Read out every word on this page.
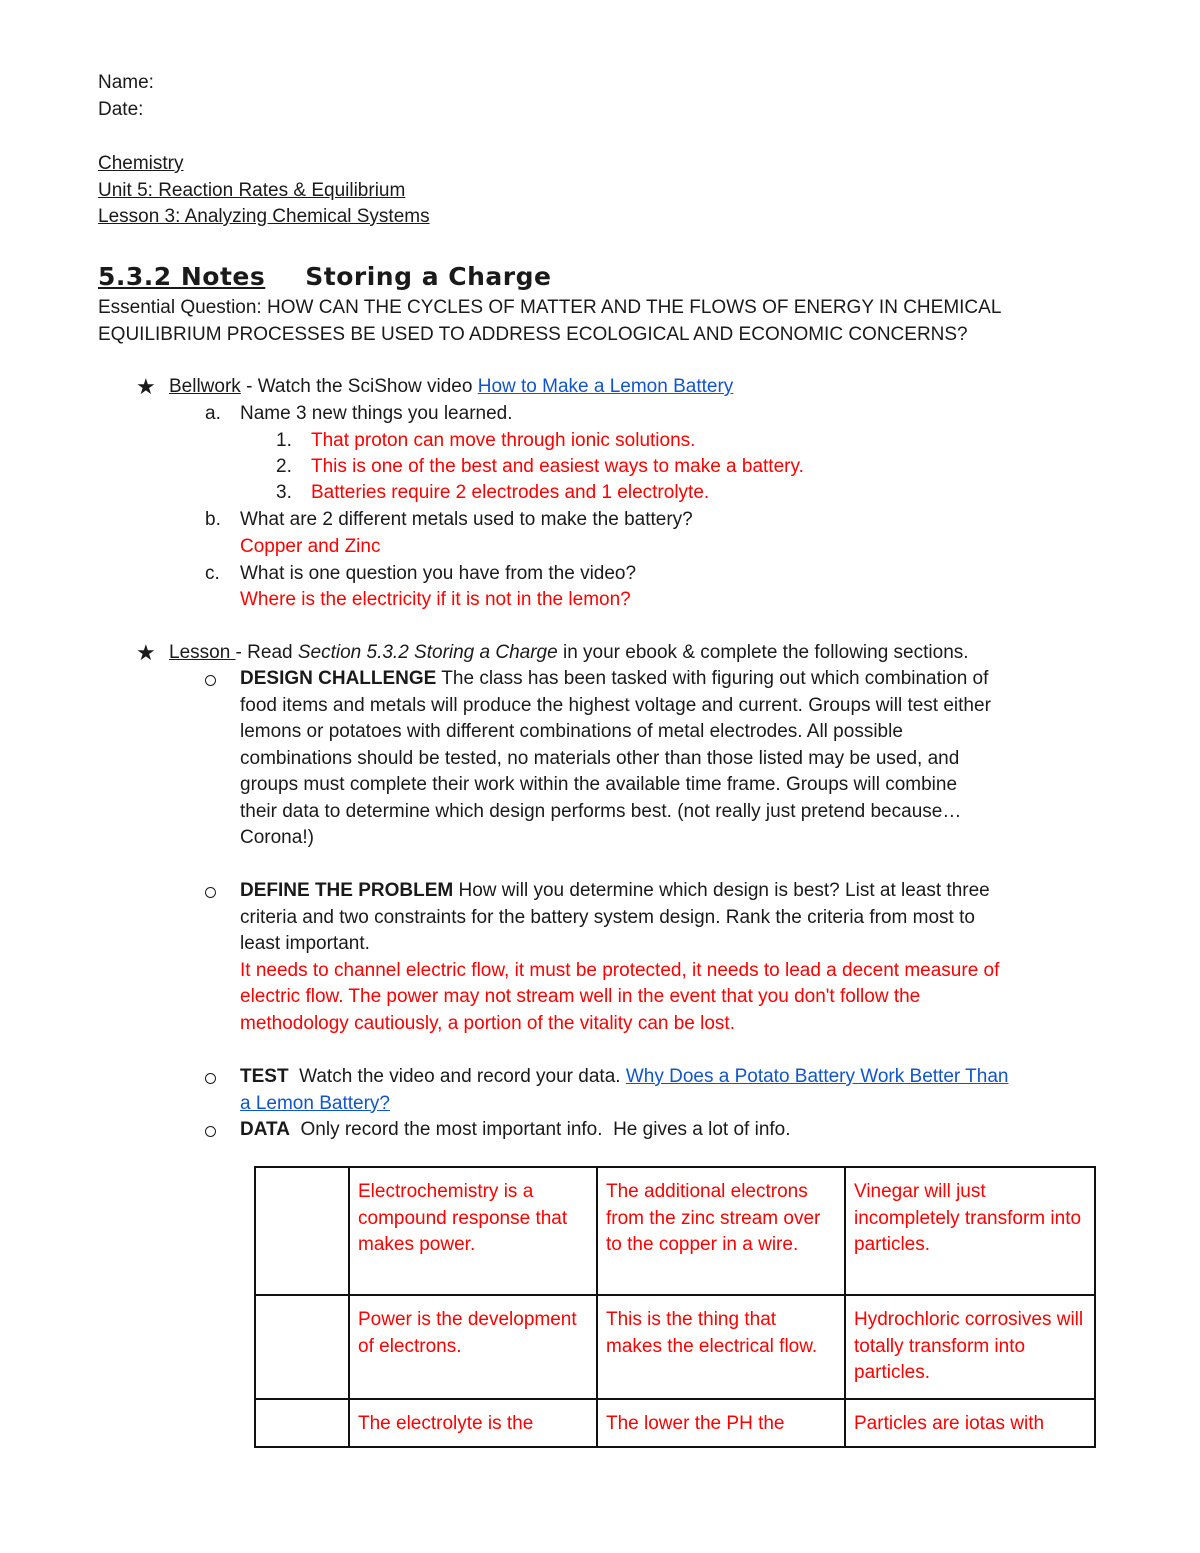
Name:
Date:
Chemistry
Unit 5: Reaction Rates & Equilibrium
Lesson 3: Analyzing Chemical Systems
5.3.2 Notes Storing a Charge
Essential Question: HOW CAN THE CYCLES OF MATTER AND THE FLOWS OF ENERGY IN CHEMICAL
EQUILIBRIUM PROCESSES BE USED TO ADDRESS ECOLOGICAL AND ECONOMIC CONCERNS?
★ Bellwork - Watch the SciShow video How to Make a Lemon Battery
a. Name 3 new things you learned.
1. That proton can move through ionic solutions.
2. This is one of the best and easiest ways to make a battery.
3. Batteries require 2 electrodes and 1 electrolyte.
b. What are 2 different metals used to make the battery?
Copper and Zinc
c. What is one question you have from the video?
Where is the electricity if it is not in the lemon?
★ Lesson - Read Section 5.3.2 Storing a Charge in your ebook & complete the following sections.
DESIGN CHALLENGE The class has been tasked with figuring out which combination of
food items and metals will produce the highest voltage and current. Groups will test either
lemons or potatoes with different combinations of metal electrodes. All possible
combinations should be tested, no materials other than those listed may be used, and
groups must complete their work within the available time frame. Groups will combine
their data to determine which design performs best. (not really just pretend because…
Corona!)
DEFINE THE PROBLEM How will you determine which design is best? List at least three
criteria and two constraints for the battery system design. Rank the criteria from most to
least important.
It needs to channel electric flow, it must be protected, it needs to lead a decent measure of
electric flow. The power may not stream well in the event that you don't follow the
methodology cautiously, a portion of the vitality can be lost.
TEST  Watch the video and record your data. Why Does a Potato Battery Work Better Than
a Lemon Battery?
DATA  Only record the most important info.  He gives a lot of info.
	Electrochemistry is a compound response that makes power.	The additional electrons from the zinc stream over to the copper in a wire.	Vinegar will just incompletely transform into particles.
	Power is the development of electrons.	This is the thing that makes the electrical flow.	Hydrochloric corrosives will totally transform into particles.
	The electrolyte is the	The lower the PH the	Particles are iotas with
